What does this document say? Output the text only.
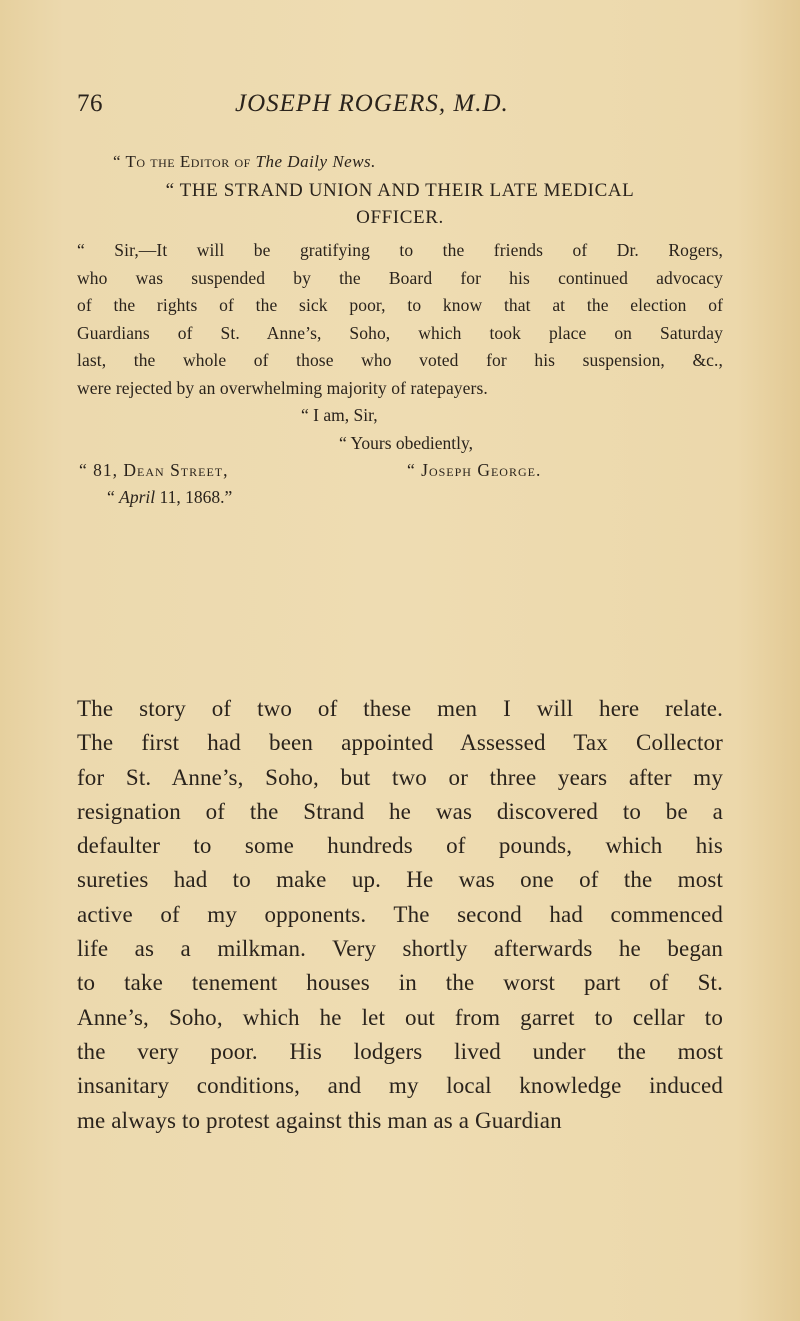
76	JOSEPH ROGERS, M.D.
“ To the Editor of The Daily News.
“ THE STRAND UNION AND THEIR LATE MEDICAL
OFFICER.
“ Sir,—It will be gratifying to the friends of Dr. Rogers,
who was suspended by the Board for his continued advocacy
of the rights of the sick poor, to know that at the election of
Guardians of St. Anne’s, Soho, which took place on Saturday
last, the whole of those who voted for his suspension, &c.,
were rejected by an overwhelming majority of ratepayers.
“ I am, Sir,
“ Yours obediently,
“ Joseph George.
“ 81, Dean Street,
“ April 11, 1868.”
The story of two of these men I will here relate.
The first had been appointed Assessed Tax Collector
for St. Anne’s, Soho, but two or three years after my
resignation of the Strand he was discovered to be a
defaulter to some hundreds of pounds, which his
sureties had to make up. He was one of the most
active of my opponents. The second had commenced
life as a milkman. Very shortly afterwards he began
to take tenement houses in the worst part of St.
Anne’s, Soho, which he let out from garret to cellar to
the very poor. His lodgers lived under the most
insanitary conditions, and my local knowledge induced
me always to protest against this man as a Guardian
